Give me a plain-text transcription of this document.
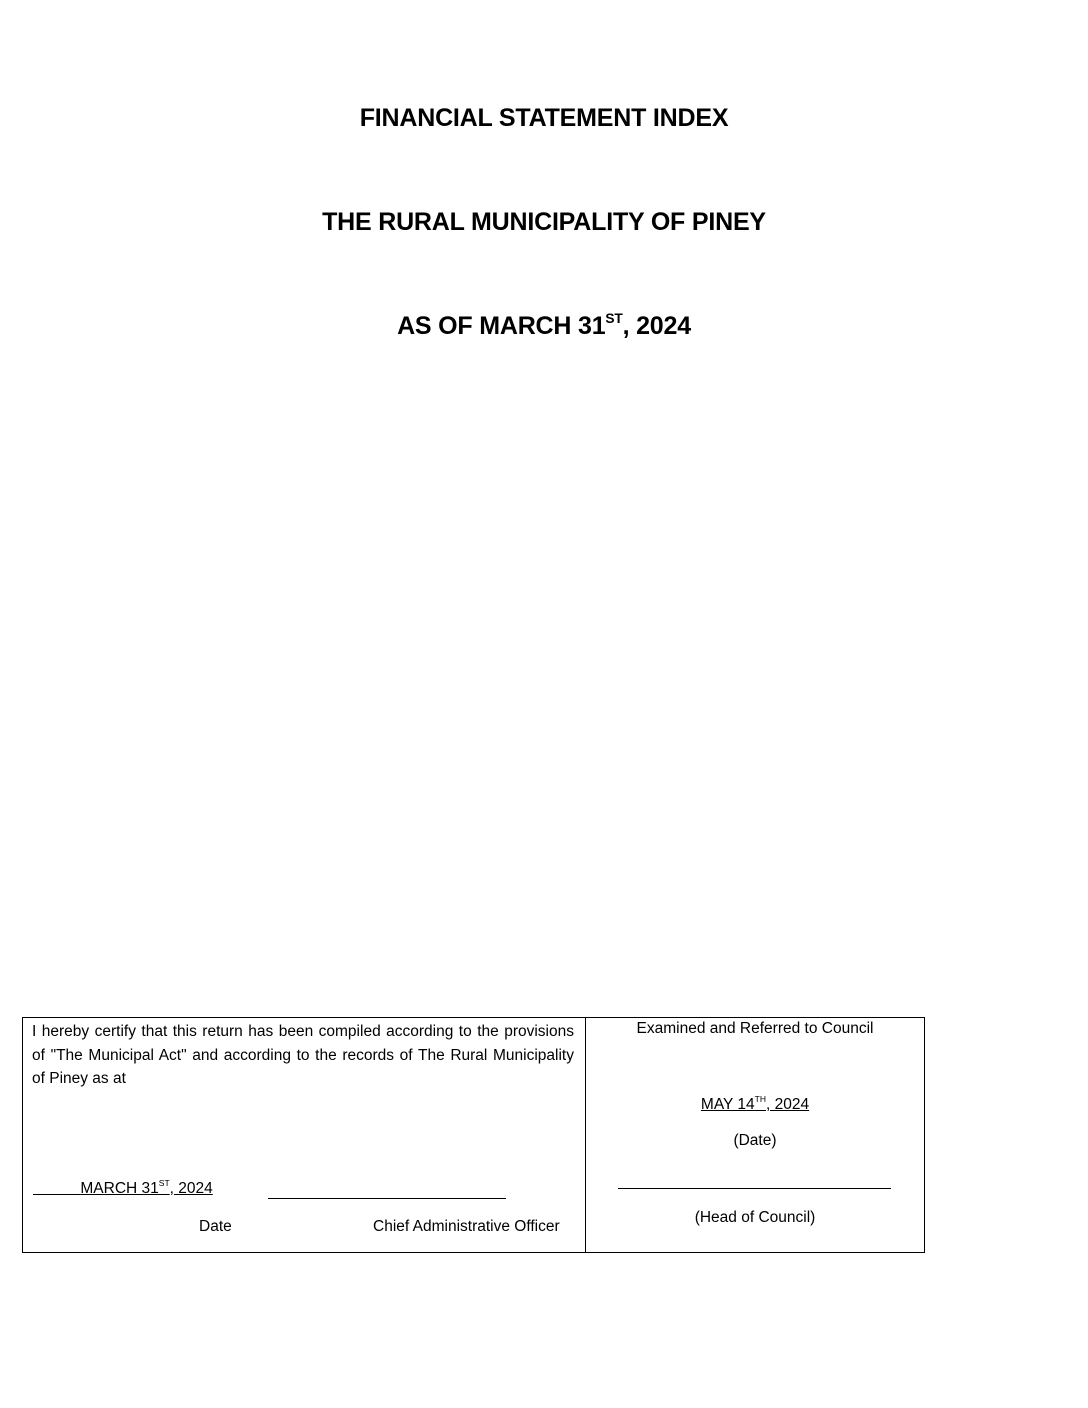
FINANCIAL STATEMENT INDEX
THE RURAL MUNICIPALITY OF PINEY
AS OF MARCH 31ST, 2024

I hereby certify that this return has been compiled according to the provisions of "The Municipal Act" and according to the records of The Rural Municipality of Piney as at

MARCH 31ST, 2024
Date	Chief Administrative Officer
Examined and Referred to Council
MAY 14TH, 2024
(Date)
(Head of Council)
